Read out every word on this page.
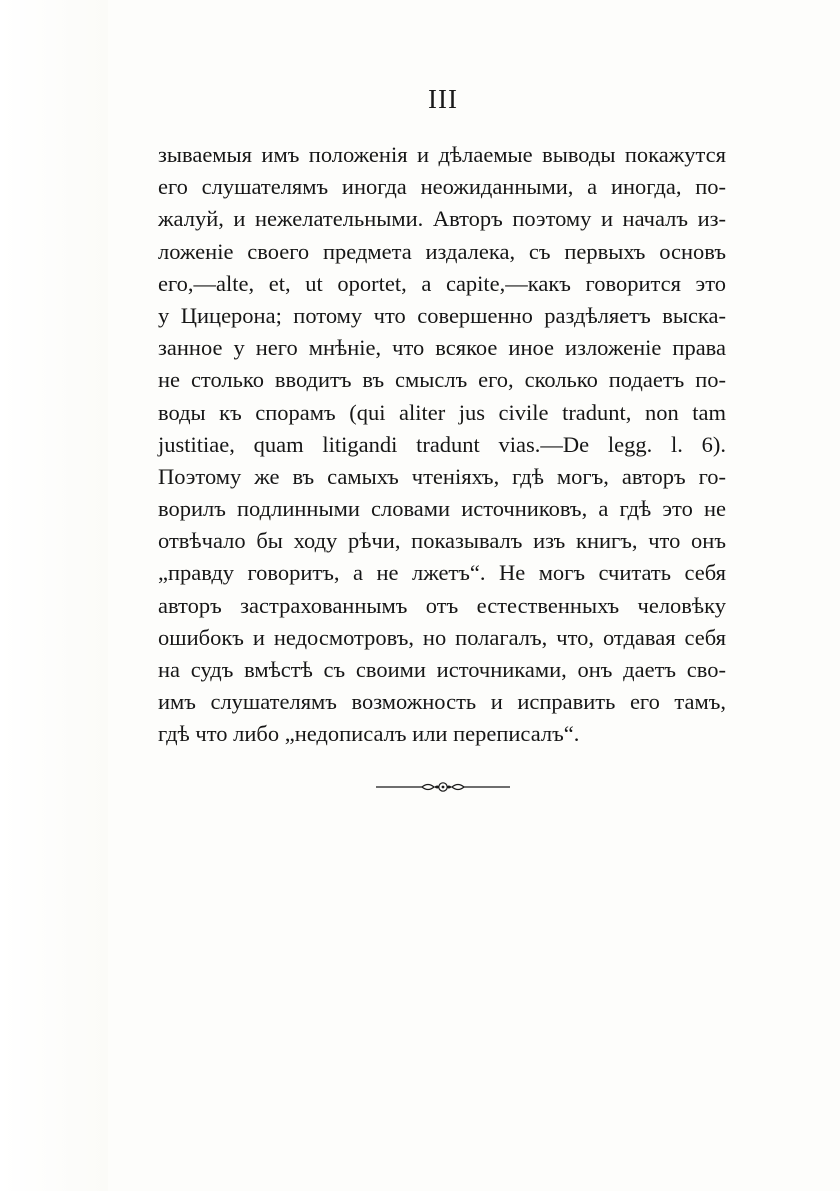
III
зываемыя имъ положенія и дѣлаемые выводы покажутся
его слушателямъ иногда неожиданными, а иногда, по-
жалуй, и нежелательными. Авторъ поэтому и началъ из-
ложеніе своего предмета издалека, съ первыхъ основъ
его,—alte, et, ut oportet, a capite,—какъ говорится это
у Цицерона; потому что совершенно раздѣляетъ выска-
занное у него мнѣніе, что всякое иное изложеніе права
не столько вводитъ въ смыслъ его, сколько подаетъ по-
воды къ спорамъ (qui aliter jus civile tradunt, non tam
justitiae, quam litigandi tradunt vias.—De legg. l. 6).
Поэтому же въ самыхъ чтеніяхъ, гдѣ могъ, авторъ го-
ворилъ подлинными словами источниковъ, а гдѣ это не
отвѣчало бы ходу рѣчи, показывалъ изъ книгъ, что онъ
„правду говоритъ, а не лжетъ“. Не могъ считать себя
авторъ застрахованнымъ отъ естественныхъ человѣку
ошибокъ и недосмотровъ, но полагалъ, что, отдавая себя
на судъ вмѣстѣ съ своими источниками, онъ даетъ сво-
имъ слушателямъ возможность и исправить его тамъ,
гдѣ что либо „недописалъ или переписалъ“.
